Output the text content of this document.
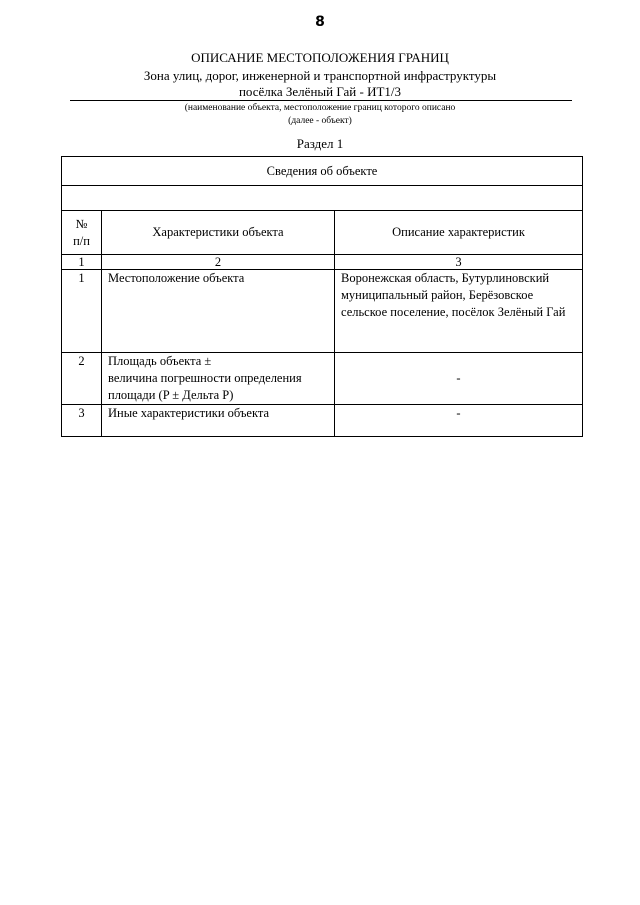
8
ОПИСАНИЕ МЕСТОПОЛОЖЕНИЯ ГРАНИЦ
Зона улиц, дорог, инженерной и транспортной инфраструктуры
посёлка Зелёный Гай - ИТ1/3
(наименование объекта, местоположение границ которого описано
(далее - объект)
Раздел 1
Сведения об объекте		

№
п/п	Характеристики объекта	Описание характеристик
1	2	3
1	Местоположение объекта	Воронежская область, Бутурлиновский
муниципальный район, Берёзовское
сельское поселение, посёлок Зелёный Гай

2	Площадь объекта ±
величина погрешности определения
площади (P ± Дельта P)	-
3	Иные характеристики объекта	-
